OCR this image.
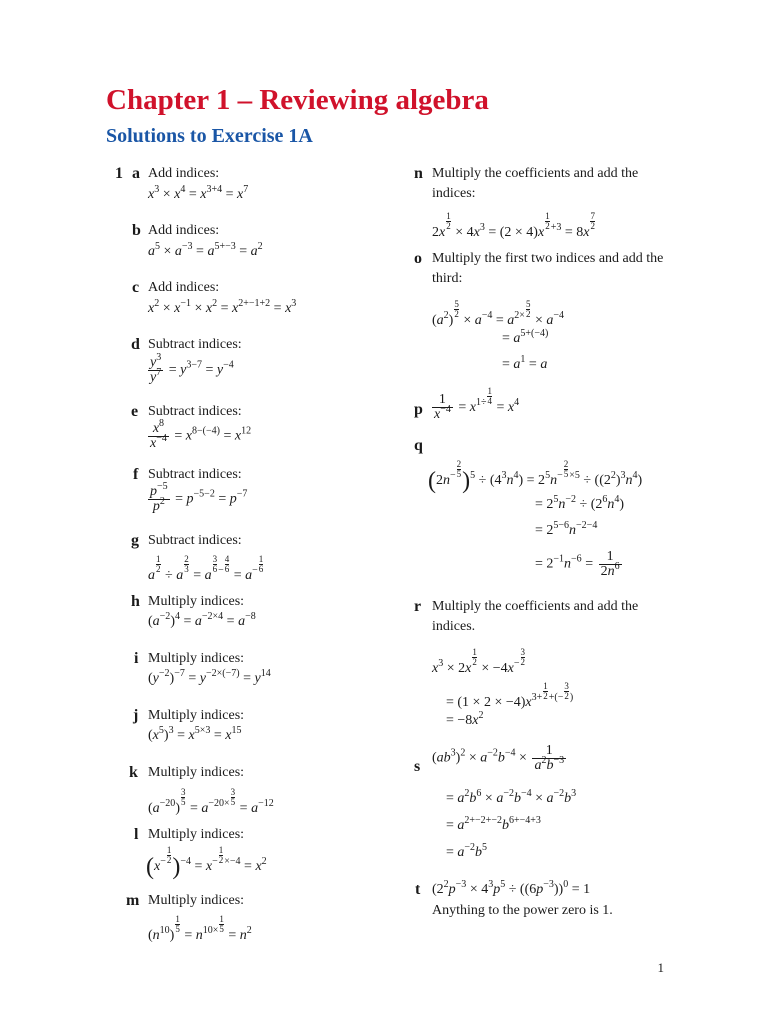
Chapter 1 – Reviewing algebra
Solutions to Exercise 1A
1 a Add indices:
$x^3 \times x^4 = x^{3+4} = x^7$
b Add indices:
$a^5 \times a^{-3} = a^{5+-3} = a^2$
c Add indices:
$x^2 \times x^{-1} \times x^2 = x^{2+-1+2} = x^3$
d Subtract indices:
$\frac{y^3}{y^7} = y^{3-7} = y^{-4}$
e Subtract indices:
$\frac{x^8}{x^{-4}} = x^{8-(-4)} = x^{12}$
f Subtract indices:
$\frac{p^{-5}}{p^2} = p^{-5-2} = p^{-7}$
g Subtract indices:
a
$\frac{1}{2}$
÷ a
$\frac{2}{3}$
= a
$\frac{3}{6} ^- \frac{4}{6}$
= $a^- \frac{1}{6}$
h Multiply indices:
$(a^{-2})^4 = a^{-2\times 4} = a^{-8}$
i Multiply indices:
$(y^{-2})^{-7} = y^{-2\times(-7)} = y^{14}$
j Multiply indices:
$(x^5)^3 = x^{5\times 3} = x^{15}$
k Multiply indices:
$(a^{-20})$
$\frac{3}{5}$
= $a^{-20\times} \frac{3}{5}$
= $a^{-12}$
l Multiply indices:
$(x^- \frac{1}{2} )^{-4} = x^- \frac{1}{2} ^{\times-4} = x^2$
m Multiply indices:
$(n^{10})$
$\frac{1}{5}$
= $n^{10\times} \frac{1}{5}$
= $n^2$
n Multiply the coefficients and add the indices:
2x
$\frac{1}{2}$
× $4x^3 = (2 \times 4)x$
$\frac{1}{2} ^{+3} = 8x$
$\frac{7}{2}$
o Multiply the first two indices and add the third:
$(a^2)$
$\frac{5}{2}$
× $a^{-4} = a^{2\times} \frac{5}{2}$
× $a^{-4}$
= $a^{5+(-4)}$
= $a^1 = a$
p $\frac{1}{x^{-4}} = x^{1\div} \frac{1}{4}$
= $x^4$
q
$(2n^- \frac{2}{5} )^5 \div (4^3n^4) = 2^5n^- \frac{2}{5} ^{\times 5} \div ((2^2)^3n^4)$
= $2^5n^{-2} \div (2^6n^4)$
= $2^{5-6}n^{-2-4}$
= $2^{-1}n^{-6} = \frac{1}{2n^6}$
r Multiply the coefficients and add the indices.
$x^3 \times 2x$
$\frac{1}{2}$
× $-4x^- \frac{3}{2}$
= $(1 \times 2 \times -4)x^{3+} \frac{1}{2} ^{+(-} \frac{3}{2} ^)$
= $-8x^2$
s $(ab^3)^2 \times a^{-2}b^{-4} \times \frac{1}{a^2b^{-3}}$
= $a^2b^6 \times a^{-2}b^{-4} \times a^{-2}b^3$
= $a^{2+-2+-2}b^{6+-4+3}$
= $a^{-2}b^5$
t ($2^2p^{-3} \times 4^3p^5 \div ((6p^{-3}))^0 = 1$
Anything to the power zero is 1.
1
